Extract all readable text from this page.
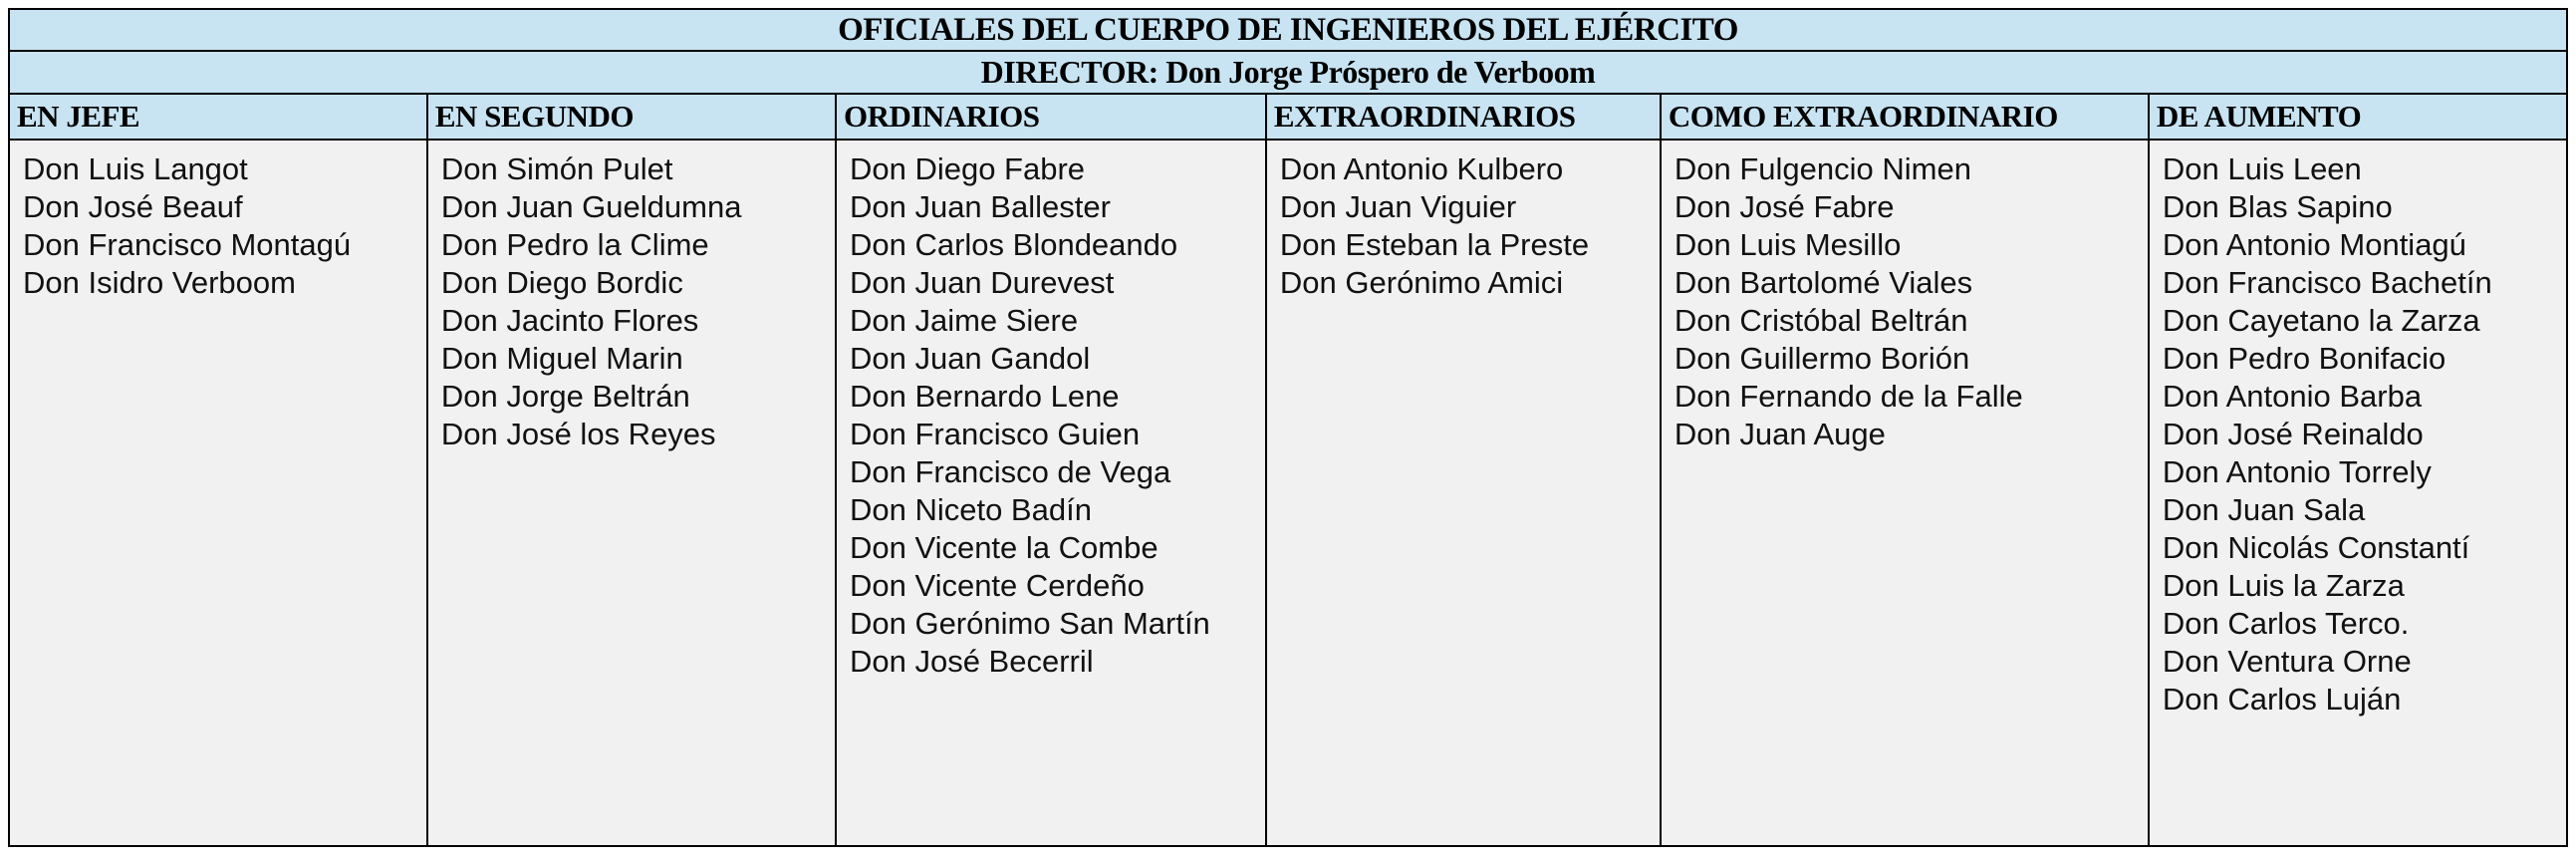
OFICIALES DEL CUERPO DE INGENIEROS DEL EJÉRCITO					
DIRECTOR: Don Jorge Próspero de Verboom					
EN JEFE	EN SEGUNDO	ORDINARIOS	EXTRAORDINARIOS	COMO EXTRAORDINARIO	DE AUMENTO

Don Luis Langot
Don José Beauf
Don Francisco Montagú
Don Isidro Verboom

Don Simón Pulet
Don Juan Gueldumna
Don Pedro la Clime
Don Diego Bordic
Don Jacinto Flores
Don Miguel Marin
Don Jorge Beltrán
Don José los Reyes

Don Diego Fabre
Don Juan Ballester
Don Carlos Blondeando
Don Juan Durevest
Don Jaime Siere
Don Juan Gandol
Don Bernardo Lene
Don Francisco Guien
Don Francisco de Vega
Don Niceto Badín
Don Vicente la Combe
Don Vicente Cerdeño
Don Gerónimo San Martín
Don José Becerril

Don Antonio Kulbero
Don Juan Viguier
Don Esteban la Preste
Don Gerónimo Amici

Don Fulgencio Nimen
Don José Fabre
Don Luis Mesillo
Don Bartolomé Viales
Don Cristóbal Beltrán
Don Guillermo Borión
Don Fernando de la Falle
Don Juan Auge

Don Luis Leen
Don Blas Sapino
Don Antonio Montiagú
Don Francisco Bachetín
Don Cayetano la Zarza
Don Pedro Bonifacio
Don Antonio Barba
Don José Reinaldo
Don Antonio Torrely
Don Juan Sala
Don Nicolás Constantí
Don Luis la Zarza
Don Carlos Terco.
Don Ventura Orne
Don Carlos Luján
